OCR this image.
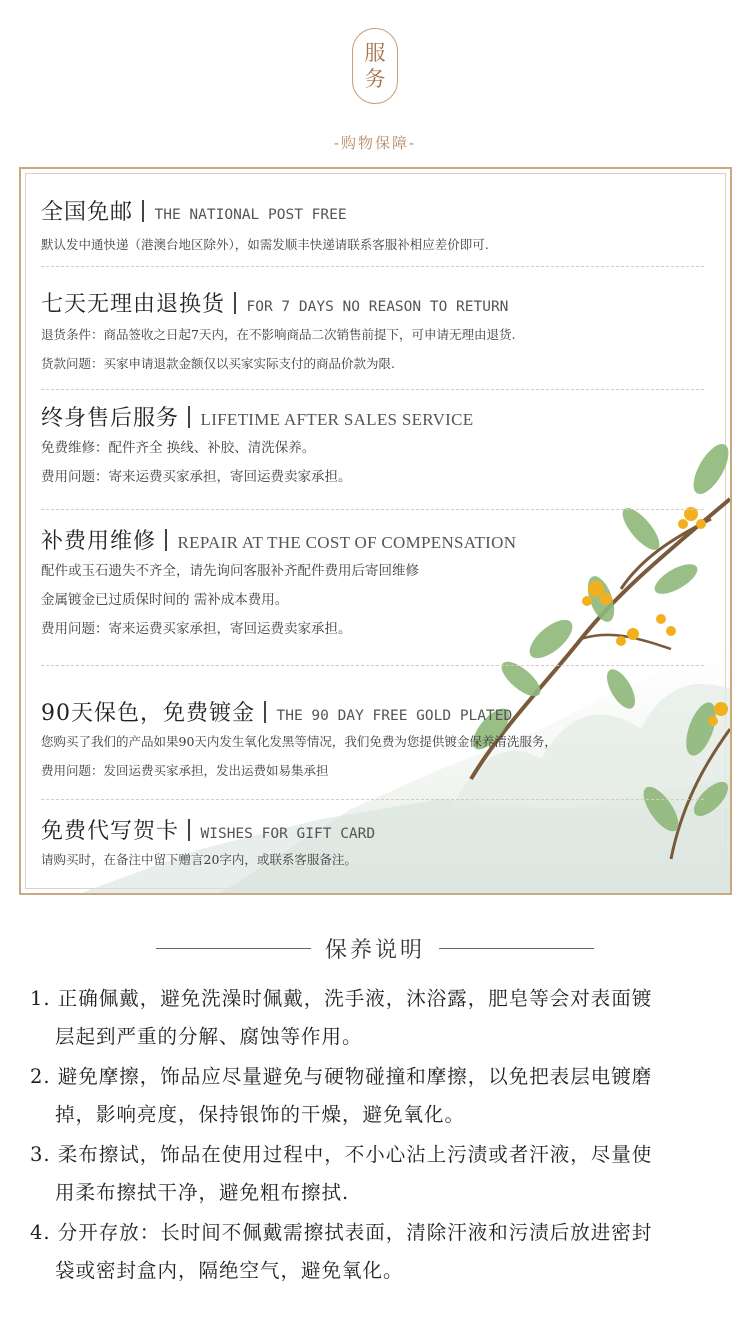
服
务
-购物保障-
全国免邮 THE NATIONAL POST FREE
默认发中通快递（港澳台地区除外），如需发顺丰快递请联系客服补相应差价即可.
七天无理由退换货 FOR 7 DAYS NO REASON TO RETURN
退货条件：商品签收之日起7天内，在不影响商品二次销售前提下，可申请无理由退货.
货款问题：买家申请退款金额仅以买家实际支付的商品价款为限.
终身售后服务 LIFETIME AFTER SALES SERVICE
免费维修：配件齐全 换线、补胶、清洗保养。
费用问题：寄来运费买家承担，寄回运费卖家承担。
补费用维修 REPAIR AT THE COST OF COMPENSATION
配件或玉石遗失不齐全，请先询问客服补齐配件费用后寄回维修
金属镀金已过质保时间的 需补成本费用。
费用问题：寄来运费买家承担，寄回运费卖家承担。
90天保色，免费镀金 THE 90 DAY FREE GOLD PLATED
您购买了我们的产品如果90天内发生氧化发黑等情况，我们免费为您提供镀金保养清洗服务，
费用问题：发回运费买家承担，发出运费如易集承担
免费代写贺卡 WISHES FOR GIFT CARD
请购买时，在备注中留下赠言20字内，或联系客服备注。
保养说明
1. 正确佩戴，避免洗澡时佩戴，洗手液，沐浴露，肥皂等会对表面镀
层起到严重的分解、腐蚀等作用。
2. 避免摩擦，饰品应尽量避免与硬物碰撞和摩擦，以免把表层电镀磨
掉，影响亮度，保持银饰的干燥，避免氧化。
3. 柔布擦试，饰品在使用过程中，不小心沾上污渍或者汗液，尽量使
用柔布擦拭干净，避免粗布擦拭.
4. 分开存放：长时间不佩戴需擦拭表面，清除汗液和污渍后放进密封
袋或密封盒内，隔绝空气，避免氧化。
